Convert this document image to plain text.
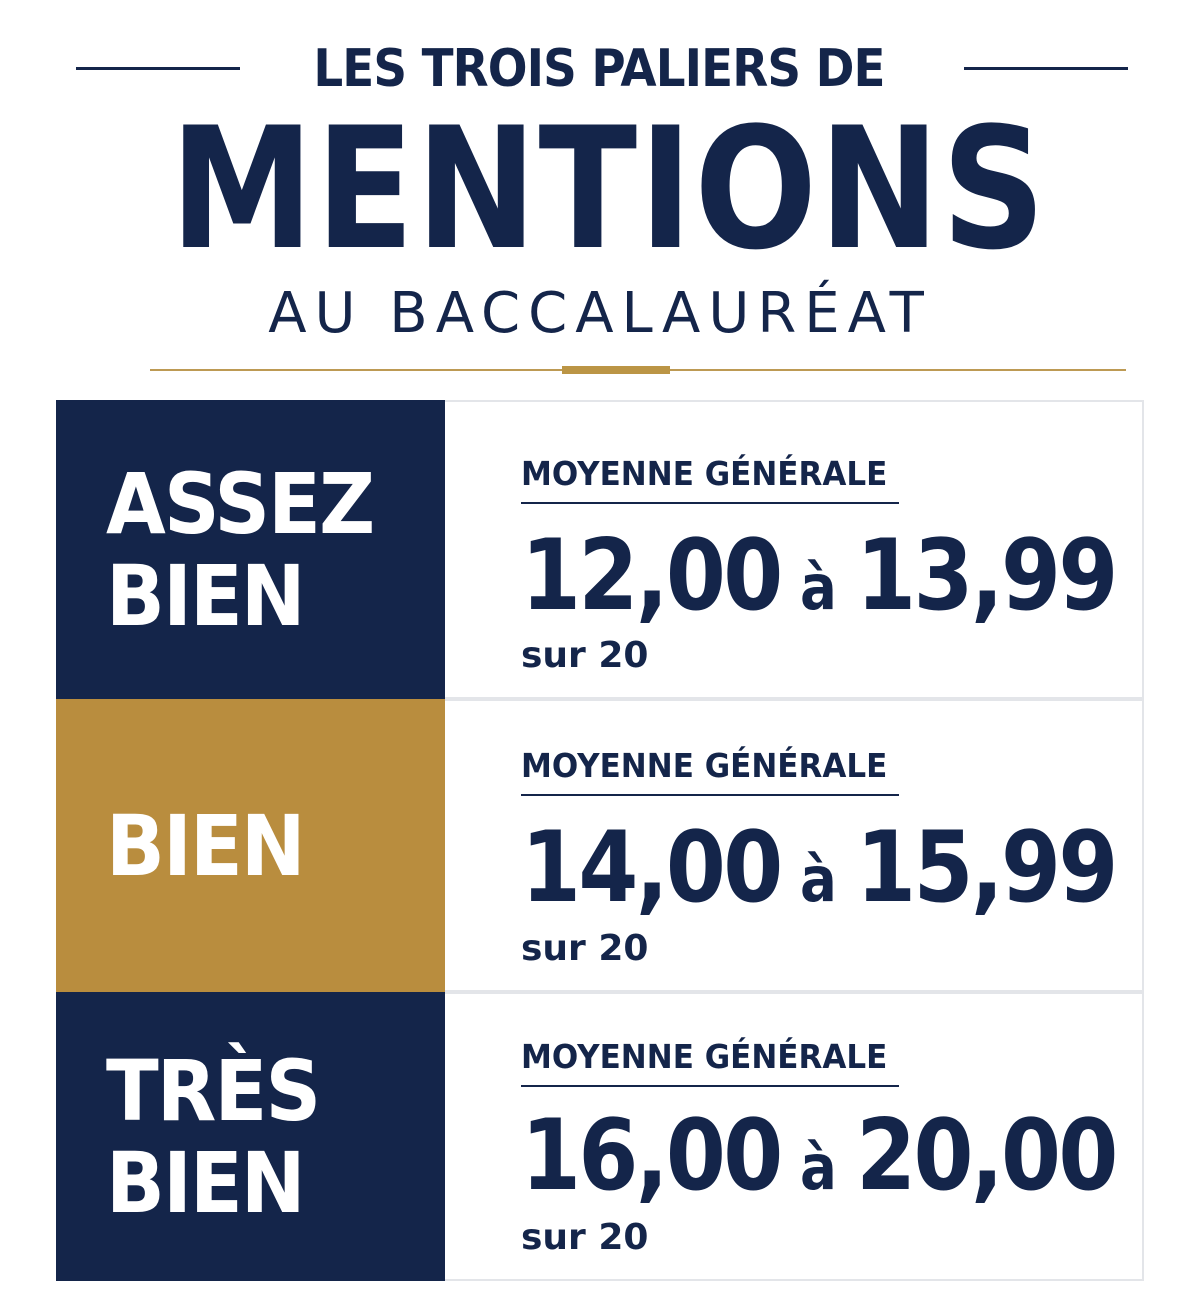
LES TROIS PALIERS DE
MENTIONS
AU BACCALAURÉAT
ASSEZ
BIEN
MOYENNE GÉNÉRALE
12,00 à 13,99
sur 20
BIEN
MOYENNE GÉNÉRALE
14,00 à 15,99
sur 20
TRÈS
BIEN
MOYENNE GÉNÉRALE
16,00 à 20,00
sur 20
